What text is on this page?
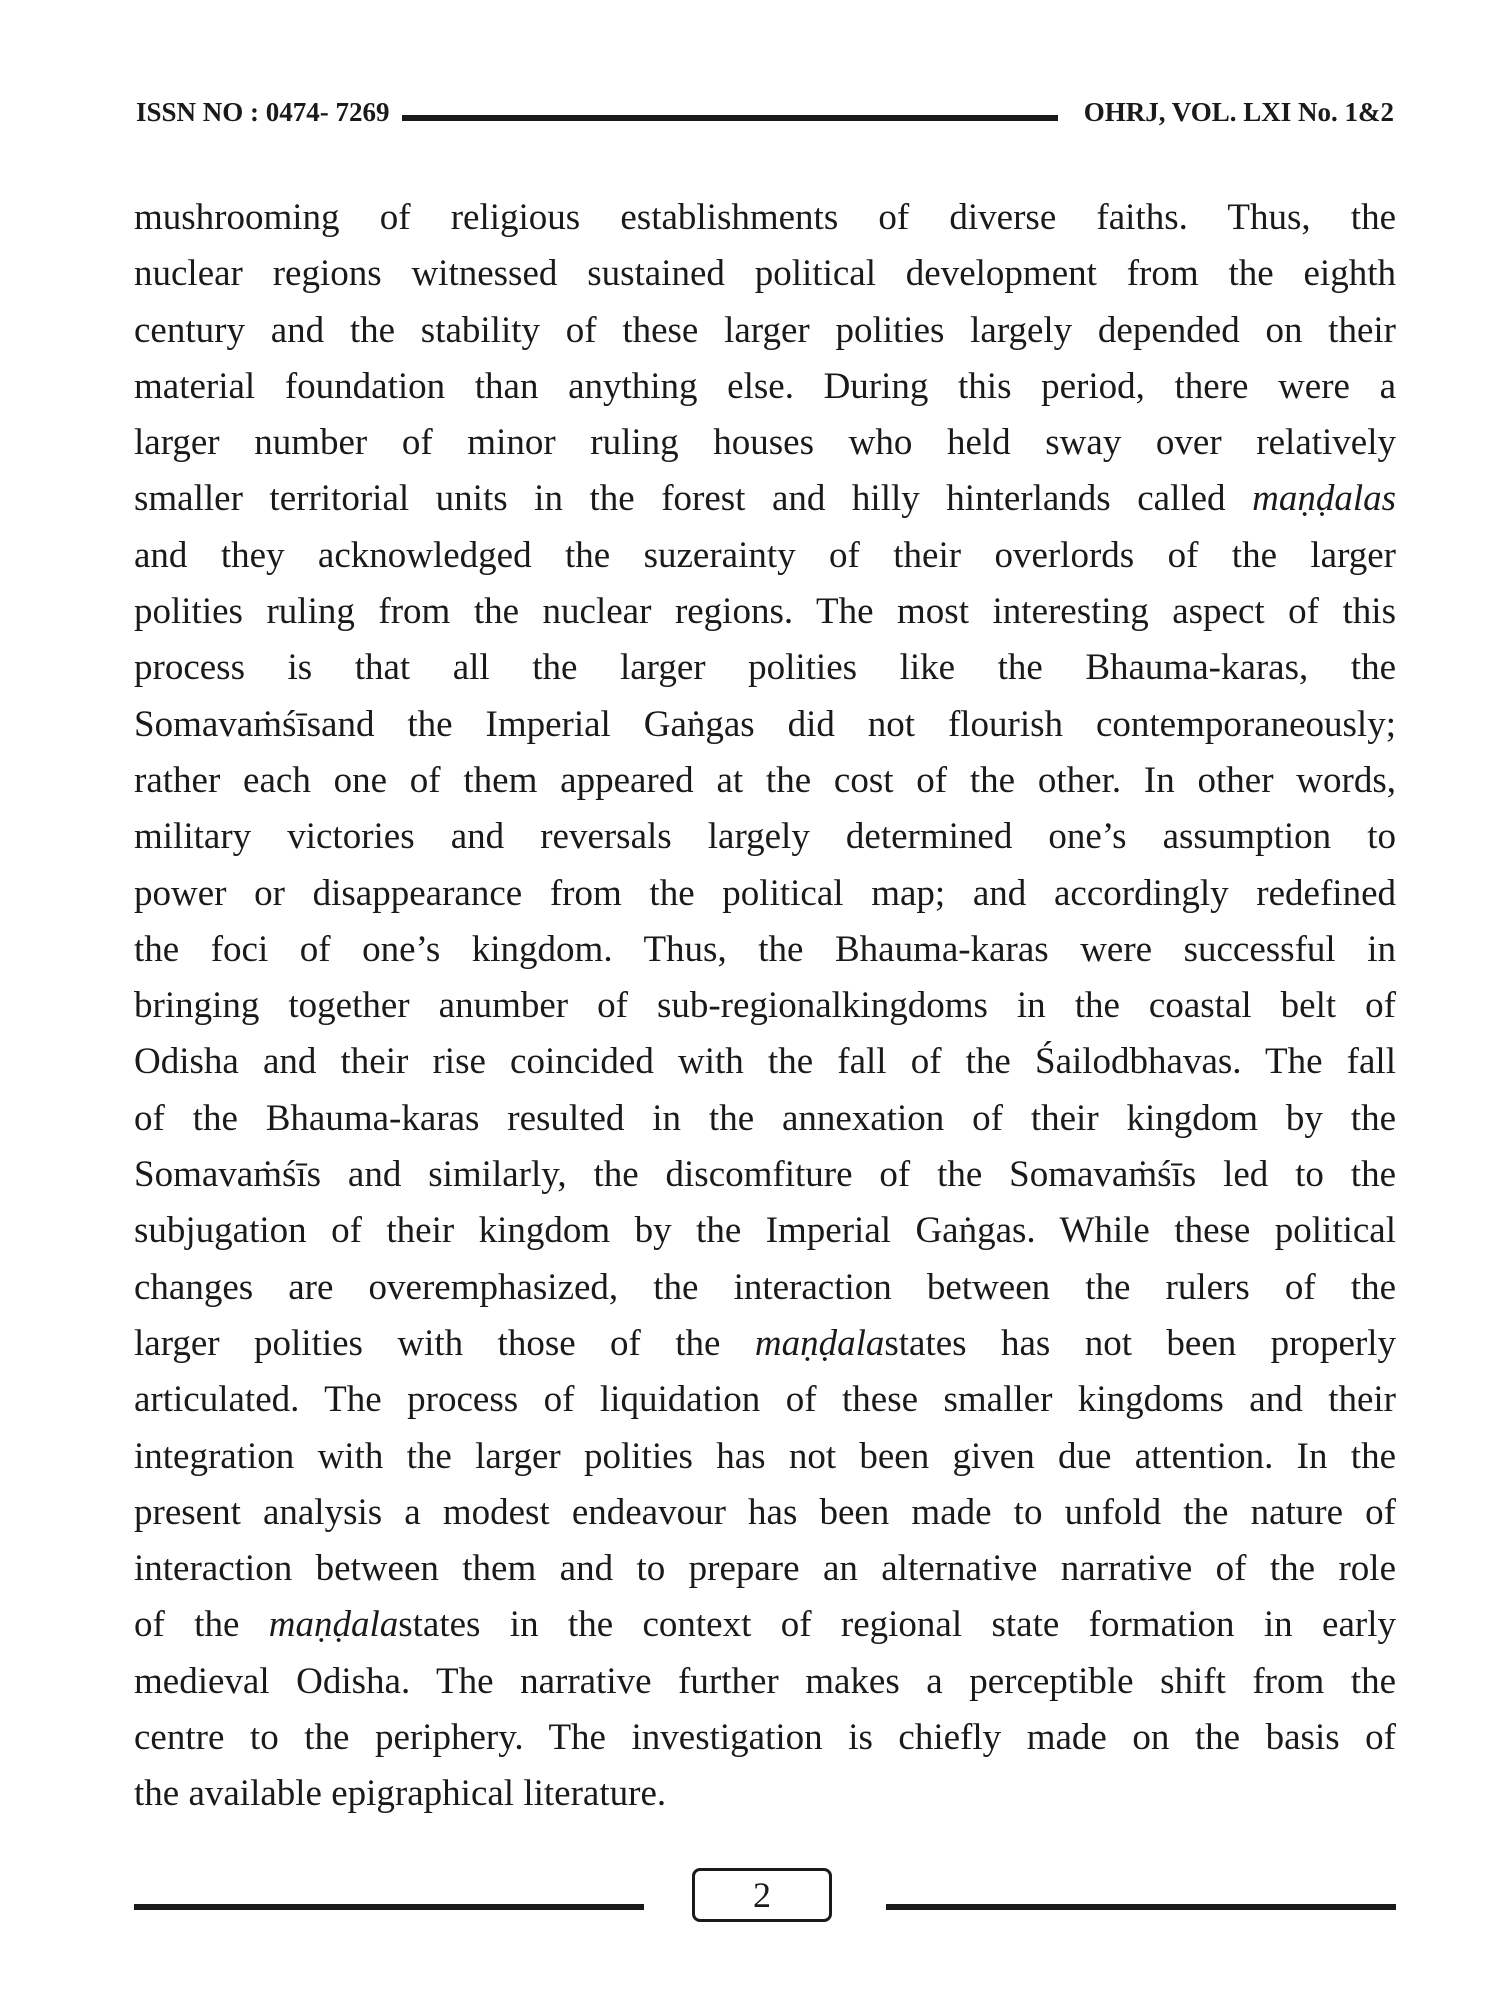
ISSN NO : 0474- 7269	OHRJ, VOL. LXI No. 1&2
mushrooming of religious establishments of diverse faiths. Thus, the
nuclear regions witnessed sustained political development from the eighth
century and the stability of these larger polities largely depended on their
material foundation than anything else. During this period, there were a
larger number of minor ruling houses who held sway over relatively
smaller territorial units in the forest and hilly hinterlands called maṇḍalas
and they acknowledged the suzerainty of their overlords of the larger
polities ruling from the nuclear regions. The most interesting aspect of this
process is that all the larger polities like the Bhauma-karas, the
Somavaṁśīsand the Imperial Gaṅgas did not flourish contemporaneously;
rather each one of them appeared at the cost of the other. In other words,
military victories and reversals largely determined one’s assumption to
power or disappearance from the political map; and accordingly redefined
the foci of one’s kingdom. Thus, the Bhauma-karas were successful in
bringing together anumber of sub-regionalkingdoms in the coastal belt of
Odisha and their rise coincided with the fall of the Śailodbhavas. The fall
of the Bhauma-karas resulted in the annexation of their kingdom by the
Somavaṁśīs and similarly, the discomfiture of the Somavaṁśīs led to the
subjugation of their kingdom by the Imperial Gaṅgas. While these political
changes are overemphasized, the interaction between the rulers of the
larger polities with those of the maṇḍalastates has not been properly
articulated. The process of liquidation of these smaller kingdoms and their
integration with the larger polities has not been given due attention. In the
present analysis a modest endeavour has been made to unfold the nature of
interaction between them and to prepare an alternative narrative of the role
of the maṇḍalastates in the context of regional state formation in early
medieval Odisha. The narrative further makes a perceptible shift from the
centre to the periphery. The investigation is chiefly made on the basis of
the available epigraphical literature.
2
